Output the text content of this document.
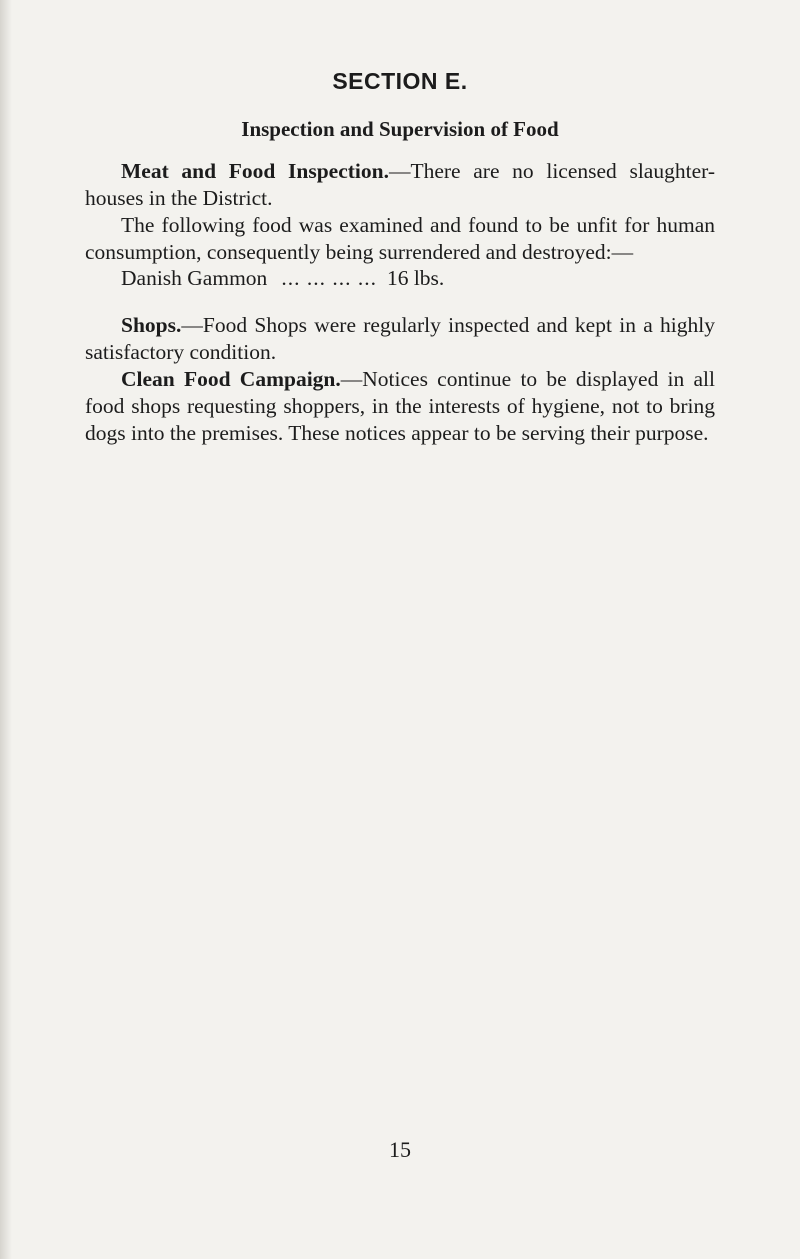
SECTION E.
Inspection and Supervision of Food

Meat and Food Inspection.—There are no licensed slaughter-houses in the District.

The following food was examined and found to be unfit for human consumption, consequently being surrendered and destroyed:—

Danish Gammon ... ... ... ... 16 lbs.

Shops.—Food Shops were regularly inspected and kept in a highly satisfactory condition.

Clean Food Campaign.—Notices continue to be displayed in all food shops requesting shoppers, in the interests of hygiene, not to bring dogs into the premises. These notices appear to be serving their purpose.

15
